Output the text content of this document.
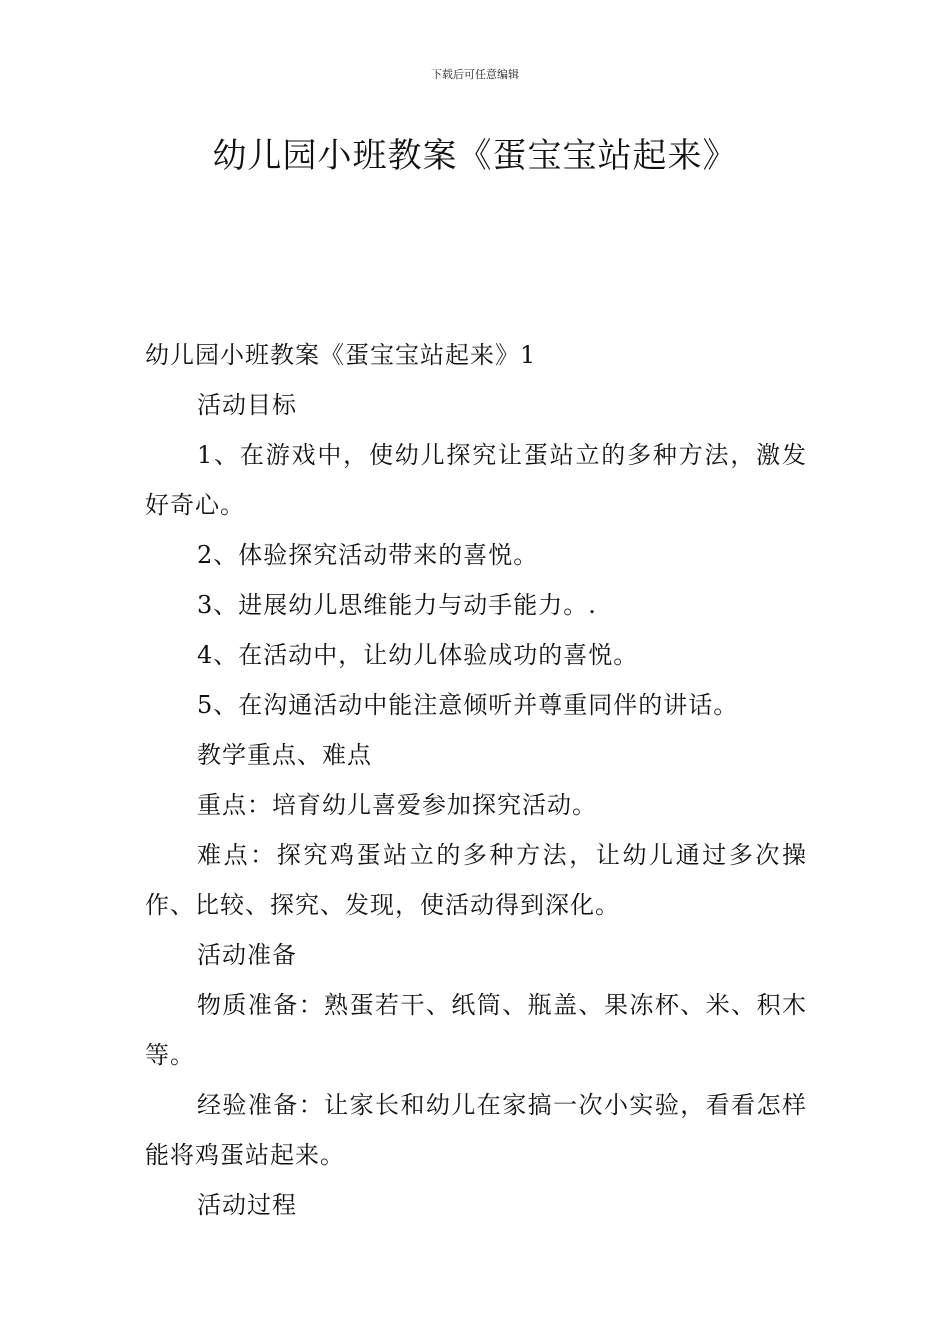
下载后可任意编辑
幼儿园小班教案《蛋宝宝站起来》

幼儿园小班教案《蛋宝宝站起来》1

活动目标

1、在游戏中，使幼儿探究让蛋站立的多种方法，激发好奇心。

2、体验探究活动带来的喜悦。

3、进展幼儿思维能力与动手能力。.

4、在活动中，让幼儿体验成功的喜悦。

5、在沟通活动中能注意倾听并尊重同伴的讲话。

教学重点、难点

重点：培育幼儿喜爱参加探究活动。

难点：探究鸡蛋站立的多种方法，让幼儿通过多次操作、比较、探究、发现，使活动得到深化。

活动准备

物质准备：熟蛋若干、纸筒、瓶盖、果冻杯、米、积木等。

经验准备：让家长和幼儿在家搞一次小实验，看看怎样能将鸡蛋站起来。

活动过程
